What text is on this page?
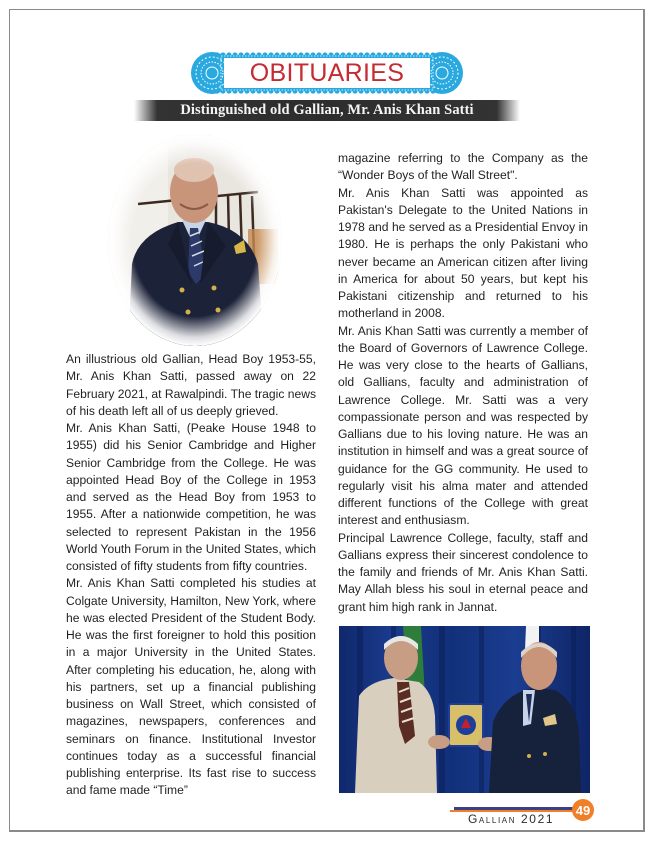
OBITUARIES
Distinguished old Gallian, Mr. Anis Khan Satti

An illustrious old Gallian, Head Boy 1953-55, Mr. Anis Khan Satti, passed away on 22 February 2021, at Rawalpindi. The tragic news of his death left all of us deeply grieved.

Mr. Anis Khan Satti, (Peake House 1948 to 1955) did his Senior Cambridge and Higher Senior Cambridge from the College. He was appointed Head Boy of the College in 1953 and served as the Head Boy from 1953 to 1955. After a nationwide competition, he was selected to represent Pakistan in the 1956 World Youth Forum in the United States, which consisted of fifty students from fifty countries.

Mr. Anis Khan Satti completed his studies at Colgate University, Hamilton, New York, where he was elected President of the Student Body. He was the first foreigner to hold this position in a major University in the United States. After completing his education, he, along with his partners, set up a financial publishing business on Wall Street, which consisted of magazines, newspapers, conferences and seminars on finance. Institutional Investor continues today as a successful financial publishing enterprise. Its fast rise to success and fame made “Time”

magazine referring to the Company as the “Wonder Boys of the Wall Street".

Mr. Anis Khan Satti was appointed as Pakistan's Delegate to the United Nations in 1978 and he served as a Presidential Envoy in 1980. He is perhaps the only Pakistani who never became an American citizen after living in America for about 50 years, but kept his Pakistani citizenship and returned to his motherland in 2008.

Mr. Anis Khan Satti was currently a member of the Board of Governors of Lawrence College. He was very close to the hearts of Gallians, old Gallians, faculty and administration of Lawrence College. Mr. Satti was a very compassionate person and was respected by Gallians due to his loving nature. He was an institution in himself and was a great source of guidance for the GG community. He used to regularly visit his alma mater and attended different functions of the College with great interest and enthusiasm.

Principal Lawrence College, faculty, staff and Gallians express their sincerest condolence to the family and friends of Mr. Anis Khan Satti. May Allah bless his soul in eternal peace and grant him high rank in Jannat.

Gallian 2021
49
